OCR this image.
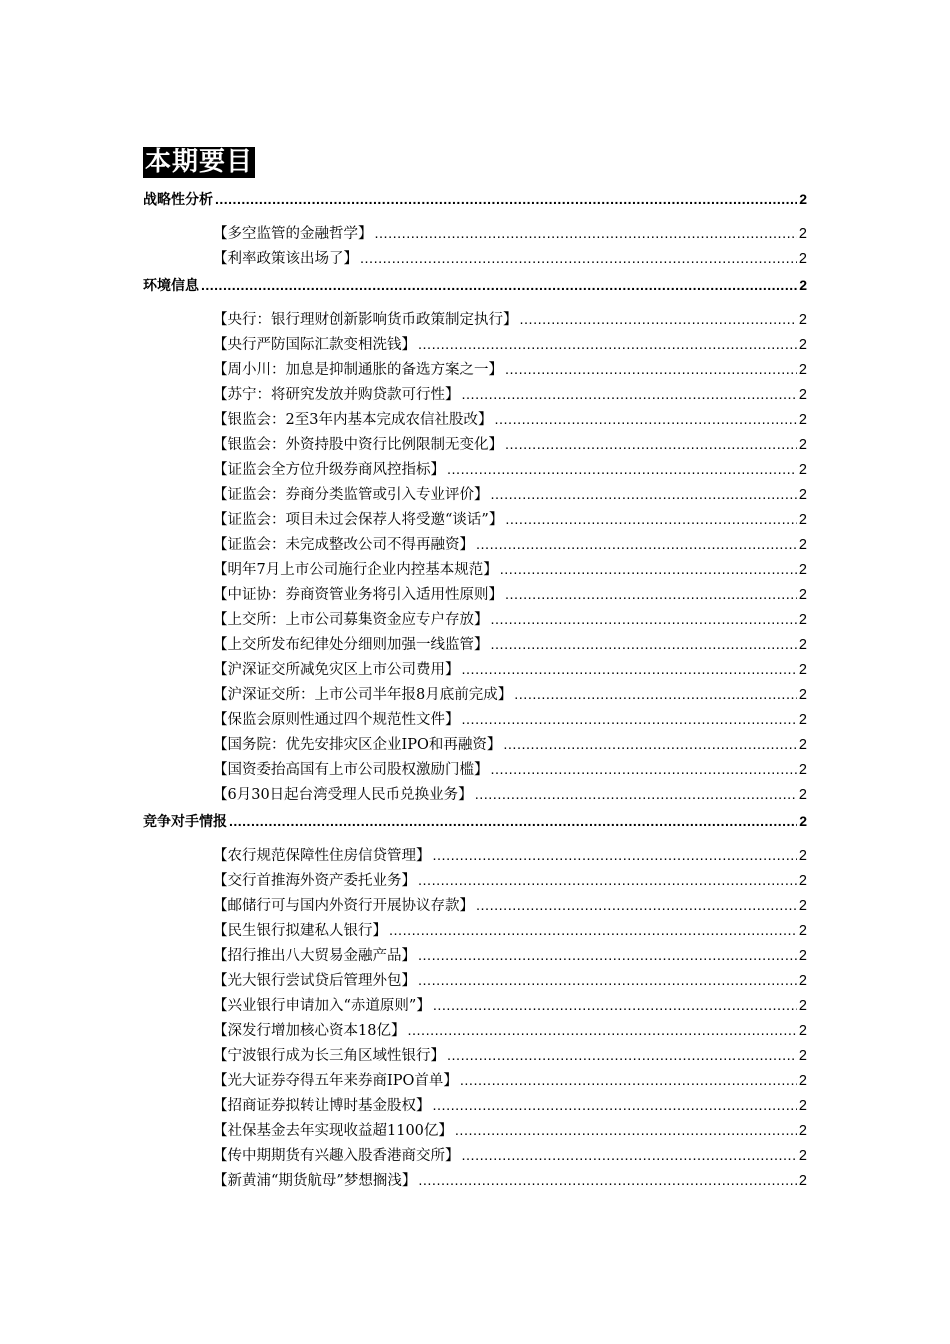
本期要目
战略性分析 .....	2
【多空监管的金融哲学】 .....	2
【利率政策该出场了】 .....	2
环境信息 .....	2
【央行：银行理财创新影响货币政策制定执行】 .....	2
【央行严防国际汇款变相洗钱】 .....	2
【周小川：加息是抑制通胀的备选方案之一】 .....	2
【苏宁：将研究发放并购贷款可行性】 .....	2
【银监会：2至3年内基本完成农信社股改】 .....	2
【银监会：外资持股中资行比例限制无变化】 .....	2
【证监会全方位升级券商风控指标】 .....	2
【证监会：券商分类监管或引入专业评价】 .....	2
【证监会：项目未过会保荐人将受邀“谈话”】 .....	2
【证监会：未完成整改公司不得再融资】 .....	2
【明年7月上市公司施行企业内控基本规范】 .....	2
【中证协：券商资管业务将引入适用性原则】 .....	2
【上交所：上市公司募集资金应专户存放】 .....	2
【上交所发布纪律处分细则加强一线监管】 .....	2
【沪深证交所减免灾区上市公司费用】 .....	2
【沪深证交所：上市公司半年报8月底前完成】 .....	2
【保监会原则性通过四个规范性文件】 .....	2
【国务院：优先安排灾区企业IPO和再融资】 .....	2
【国资委抬高国有上市公司股权激励门槛】 .....	2
【6月30日起台湾受理人民币兑换业务】 .....	2
竞争对手情报 .....	2
【农行规范保障性住房信贷管理】 .....	2
【交行首推海外资产委托业务】 .....	2
【邮储行可与国内外资行开展协议存款】 .....	2
【民生银行拟建私人银行】 .....	2
【招行推出八大贸易金融产品】 .....	2
【光大银行尝试贷后管理外包】 .....	2
【兴业银行申请加入“赤道原则”】 .....	2
【深发行增加核心资本18亿】 .....	2
【宁波银行成为长三角区域性银行】 .....	2
【光大证券夺得五年来券商IPO首单】 .....	2
【招商证券拟转让博时基金股权】 .....	2
【社保基金去年实现收益超1100亿】 .....	2
【传中期期货有兴趣入股香港商交所】 .....	2
【新黄浦“期货航母”梦想搁浅】 .....	2
